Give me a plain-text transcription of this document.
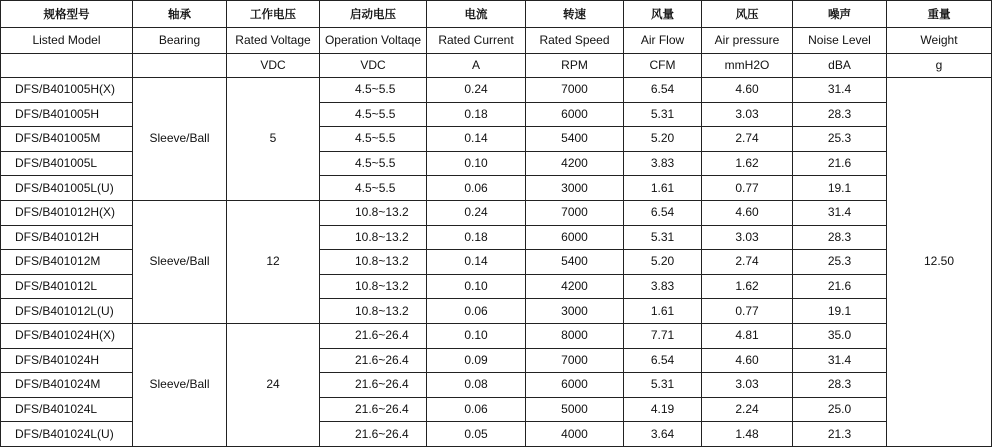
规格型号	轴承	工作电压	启动电压	电流	转速	风量	风压	噪声	重量
Listed Model	Bearing	Rated Voltage	Operation Voltaqe	Rated Current	Rated Speed	Air Flow	Air pressure	Noise Level	Weight
		VDC	VDC	A	RPM	CFM	mmH2O	dBA	g
DFS/B401005H(X)	Sleeve/Ball	5	4.5~5.5	0.24	7000	6.54	4.60	31.4	12.50
DFS/B401005H			4.5~5.5	0.18	6000	5.31	3.03	28.3	
DFS/B401005M			4.5~5.5	0.14	5400	5.20	2.74	25.3	
DFS/B401005L			4.5~5.5	0.10	4200	3.83	1.62	21.6	
DFS/B401005L(U)			4.5~5.5	0.06	3000	1.61	0.77	19.1	
DFS/B401012H(X)	Sleeve/Ball	12	10.8~13.2	0.24	7000	6.54	4.60	31.4	
DFS/B401012H			10.8~13.2	0.18	6000	5.31	3.03	28.3	
DFS/B401012M			10.8~13.2	0.14	5400	5.20	2.74	25.3	
DFS/B401012L			10.8~13.2	0.10	4200	3.83	1.62	21.6	
DFS/B401012L(U)			10.8~13.2	0.06	3000	1.61	0.77	19.1	
DFS/B401024H(X)	Sleeve/Ball	24	21.6~26.4	0.10	8000	7.71	4.81	35.0	
DFS/B401024H			21.6~26.4	0.09	7000	6.54	4.60	31.4	
DFS/B401024M			21.6~26.4	0.08	6000	5.31	3.03	28.3	
DFS/B401024L			21.6~26.4	0.06	5000	4.19	2.24	25.0	
DFS/B401024L(U)			21.6~26.4	0.05	4000	3.64	1.48	21.3	
